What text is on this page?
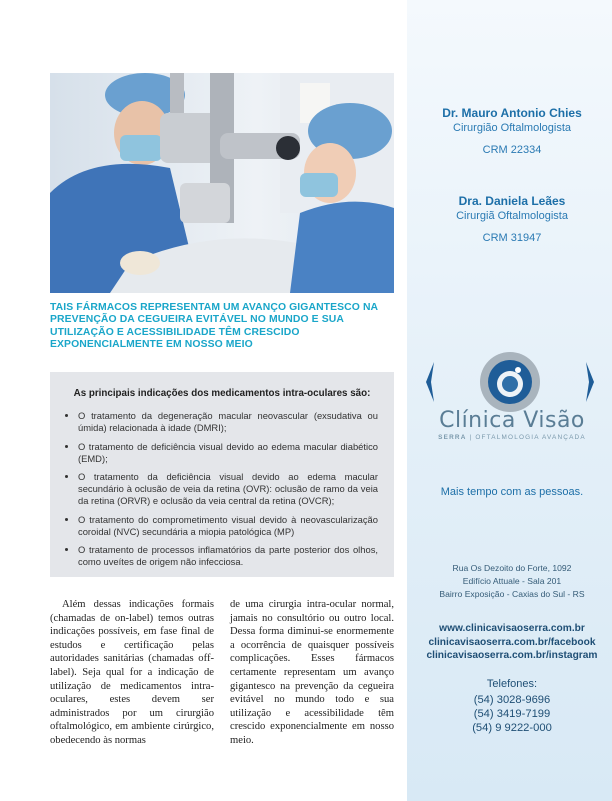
TAIS FÁRMACOS REPRESENTAM UM AVANÇO GIGANTESCO NA PREVENÇÃO DA CEGUEIRA EVITÁVEL NO MUNDO E SUA UTILIZAÇÃO E ACESSIBILIDADE TÊM CRESCIDO EXPONENCIALMENTE EM NOSSO MEIO
As principais indicações dos medicamentos intra-oculares são:
• O tratamento da degeneração macular neovascular (exsudativa ou úmida) relacionada à idade (DMRI);
• O tratamento de deficiência visual devido ao edema macular diabético (EMD);
• O tratamento da deficiência visual devido ao edema macular secundário à oclusão de veia da retina (OVR): oclusão de ramo da veia da retina (ORVR) e oclusão da veia central da retina (OVCR);
• O tratamento do comprometimento visual devido à neovascularização coroidal (NVC) secundária a miopia patológica (MP)
• O tratamento de processos inflamatórios da parte posterior dos olhos, como uveítes de origem não infecciosa.
Além dessas indicações formais (chamadas de on-label) temos outras indicações possíveis, em fase final de estudos e certificação pelas autoridades sanitárias (chamadas off-label). Seja qual for a indicação de utilização de medicamentos intra-oculares, estes devem ser administrados por um cirurgião oftalmológico, em ambiente cirúrgico, obedecendo às normas
de uma cirurgia intra-ocular normal, jamais no consultório ou outro local. Dessa forma diminui-se enormemente a ocorrência de quaisquer possíveis complicações. Esses fármacos certamente representam um avanço gigantesco na prevenção da cegueira evitável no mundo todo e sua utilização e acessibilidade têm crescido exponencialmente em nosso meio.
Dr. Mauro Antonio Chies
Cirurgião Oftalmologista
CRM 22334
Dra. Daniela Leães
Cirurgiã Oftalmologista
CRM 31947
Clínica Visão
SERRA | OFTALMOLOGIA AVANÇADA
Mais tempo com as pessoas.
Rua Os Dezoito do Forte, 1092
Edifício Attuale - Sala 201
Bairro Exposição - Caxias do Sul - RS
www.clinicavisaoserra.com.br
clinicavisaoserra.com.br/facebook
clinicavisaoserra.com.br/instagram
Telefones:
(54) 3028-9696
(54) 3419-7199
(54) 9 9222-000
